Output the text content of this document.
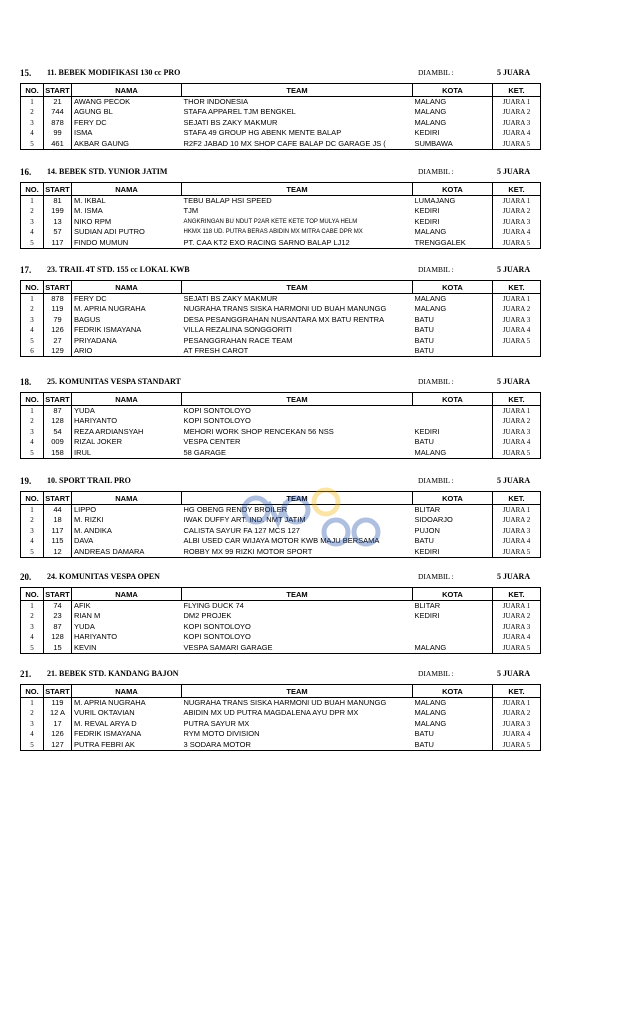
15. 11. BEBEK MODIFIKASI 130 cc PRO	DIAMBIL :	5 JUARA
NO.	START	NAMA	TEAM	KOTA	KET.
1	21	AWANG PECOK	THOR INDONESIA	MALANG	JUARA 1
2	744	AGUNG BL	STAFA APPAREL TJM BENGKEL	MALANG	JUARA 2
3	878	FERY DC	SEJATI BS ZAKY MAKMUR	MALANG	JUARA 3
4	99	ISMA	STAFA 49 GROUP HG ABENK MENTE BALAP	KEDIRI	JUARA 4
5	461	AKBAR GAUNG	R2F2 JABAD 10 MX SHOP CAFE BALAP DC GARAGE JS (	SUMBAWA	JUARA 5
16. 14. BEBEK STD. YUNIOR JATIM	DIAMBIL :	5 JUARA
NO.	START	NAMA	TEAM	KOTA	KET.
1	81	M. IKBAL	TEBU BALAP HSI SPEED	LUMAJANG	JUARA 1
2	199	M. ISMA	TJM	KEDIRI	JUARA 2
3	13	NIKO RPM	ANGKRINGAN BU NDUT P2AR KETE KETE TOP MULYA HELM	KEDIRI	JUARA 3
4	57	SUDIAN ADI PUTRO	HKMX 118 UD. PUTRA BERAS ABIDIN MX MITRA CABE DPR MX	MALANG	JUARA 4
5	117	FINDO MUMUN	PT. CAA KT2 EXO RACING SARNO BALAP LJ12	TRENGGALEK	JUARA 5
17. 23. TRAIL 4T STD. 155 cc LOKAL KWB	DIAMBIL :	5 JUARA
NO.	START	NAMA	TEAM	KOTA	KET.
1	878	FERY DC	SEJATI BS ZAKY MAKMUR	MALANG	JUARA 1
2	119	M. APRIA NUGRAHA	NUGRAHA TRANS SISKA HARMONI UD BUAH MANUNGG	MALANG	JUARA 2
3	79	BAGUS	DESA PESANGGRAHAN NUSANTARA MX BATU RENTRA	BATU	JUARA 3
4	126	FEDRIK ISMAYANA	VILLA REZALINA SONGGORITI	BATU	JUARA 4
5	27	PRIYADANA	PESANGGRAHAN RACE TEAM	BATU	JUARA 5
6	129	ARIO	AT FRESH CAROT	BATU	
18. 25. KOMUNITAS VESPA STANDART	DIAMBIL :	5 JUARA
NO.	START	NAMA	TEAM	KOTA	KET.
1	87	YUDA	KOPI SONTOLOYO		JUARA 1
2	128	HARIYANTO	KOPI SONTOLOYO		JUARA 2
3	54	REZA ARDIANSYAH	MEHORI WORK SHOP RENCEKAN 56 NSS	KEDIRI	JUARA 3
4	009	RIZAL JOKER	VESPA CENTER	BATU	JUARA 4
5	158	IRUL	58 GARAGE	MALANG	JUARA 5
19. 10. SPORT TRAIL PRO	DIAMBIL :	5 JUARA
NO.	START	NAMA	TEAM	KOTA	KET.
1	44	LIPPO	HG OBENG RENDY BROILER	BLITAR	JUARA 1
2	18	M. RIZKI	IWAK DUFFY ART. IND. NMT JATIM	SIDOARJO	JUARA 2
3	117	M. ANDIKA	CALISTA SAYUR FA 127 MCS 127	PUJON	JUARA 3
4	115	DAVA	ALBI USED CAR WIJAYA MOTOR KWB MAJU BERSAMA	BATU	JUARA 4
5	12	ANDREAS DAMARA	ROBBY MX 99 RIZKI MOTOR SPORT	KEDIRI	JUARA 5
20. 24. KOMUNITAS VESPA OPEN	DIAMBIL :	5 JUARA
NO.	START	NAMA	TEAM	KOTA	KET.
1	74	AFIK	FLYING DUCK 74	BLITAR	JUARA 1
2	23	RIAN M	DM2 PROJEK	KEDIRI	JUARA 2
3	87	YUDA	KOPI SONTOLOYO		JUARA 3
4	128	HARIYANTO	KOPI SONTOLOYO		JUARA 4
5	15	KEVIN	VESPA SAMARI GARAGE	MALANG	JUARA 5
21. 21. BEBEK STD. KANDANG BAJON	DIAMBIL :	5 JUARA
NO.	START	NAMA	TEAM	KOTA	KET.
1	119	M. APRIA NUGRAHA	NUGRAHA TRANS SISKA HARMONI UD BUAH MANUNGG	MALANG	JUARA 1
2	12 A	VURIL OKTAVIAN	ABIDIN MX UD PUTRA MAGDALENA AYU DPR MX	MALANG	JUARA 2
3	17	M. REVAL ARYA D	PUTRA SAYUR MX	MALANG	JUARA 3
4	126	FEDRIK ISMAYANA	RYM MOTO DIVISION	BATU	JUARA 4
5	127	PUTRA FEBRI AK	3 SODARA MOTOR	BATU	JUARA 5
